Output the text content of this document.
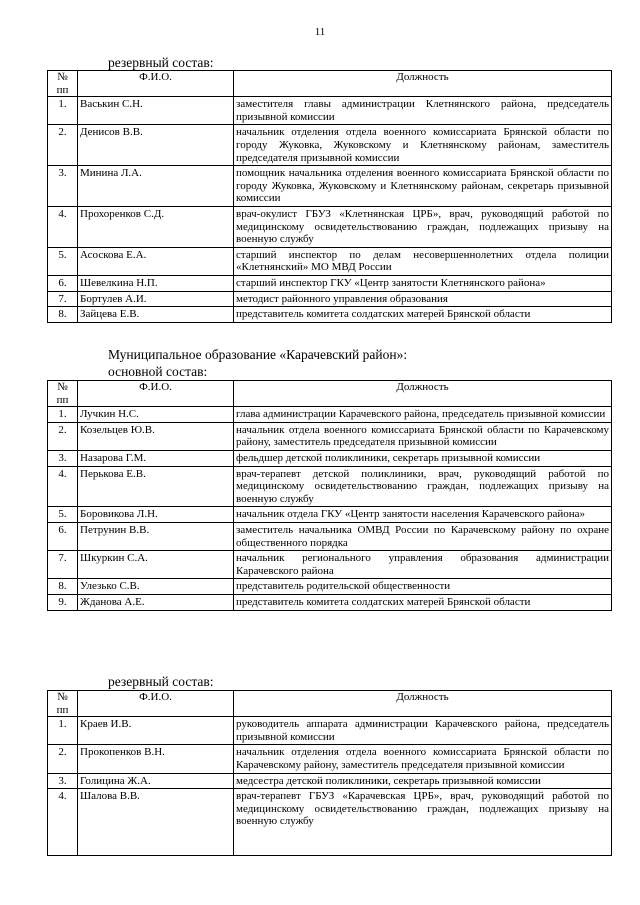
11
резервный состав:
№ пп	Ф.И.О.	Должность
1.	Васькин С.Н.	заместителя главы администрации Клетнянского района, председатель призывной комиссии
2.	Денисов В.В.	начальник отделения отдела военного комиссариата Брянской области по городу Жуковка, Жуковскому и Клетнянскому районам, заместитель председателя призывной комиссии
3.	Минина Л.А.	помощник начальника отделения военного комиссариата Брянской области по городу Жуковка, Жуковскому и Клетнянскому районам, секретарь призывной комиссии
4.	Прохоренков С.Д.	врач-окулист ГБУЗ «Клетнянская ЦРБ», врач, руководящий работой по медицинскому освидетельствованию граждан, подлежащих призыву на военную службу
5.	Асоскова Е.А.	старший инспектор по делам несовершеннолетних отдела полиции «Клетнянский» МО МВД России
6.	Шевелкина Н.П.	старший инспектор ГКУ «Центр занятости Клетнянского района»
7.	Бортулев А.И.	методист районного управления образования
8.	Зайцева Е.В.	представитель комитета солдатских матерей Брянской области
Муниципальное образование «Карачевский район»:
основной состав:
№ пп	Ф.И.О.	Должность
1.	Лучкин Н.С.	глава администрации Карачевского района, председатель призывной комиссии
2.	Козельцев Ю.В.	начальник отдела военного комиссариата Брянской области по Карачевскому району, заместитель председателя призывной комиссии
3.	Назарова Г.М.	фельдшер детской поликлиники, секретарь призывной комиссии
4.	Перькова Е.В.	врач-терапевт детской поликлиники, врач, руководящий работой по медицинскому освидетельствованию граждан, подлежащих призыву на военную службу
5.	Боровикова Л.Н.	начальник отдела ГКУ «Центр занятости населения Карачевского района»
6.	Петрунин В.В.	заместитель начальника ОМВД России по Карачевскому району по охране общественного порядка
7.	Шкуркин С.А.	начальник регионального управления образования администрации Карачевского района
8.	Улезько С.В.	представитель родительской общественности
9.	Жданова А.Е.	представитель комитета солдатских матерей Брянской области
резервный состав:
№ пп	Ф.И.О.	Должность
1.	Краев И.В.	руководитель аппарата администрации Карачевского района, председатель призывной комиссии
2.	Прокопенков В.Н.	начальник отделения отдела военного комиссариата Брянской области по Карачевскому району, заместитель председателя призывной комиссии
3.	Голицина Ж.А.	медсестра детской поликлиники, секретарь призывной комиссии
4.	Шалова В.В.	врач-терапевт ГБУЗ «Карачевская ЦРБ», врач, руководящий работой по медицинскому освидетельствованию граждан, подлежащих призыву на военную службу
